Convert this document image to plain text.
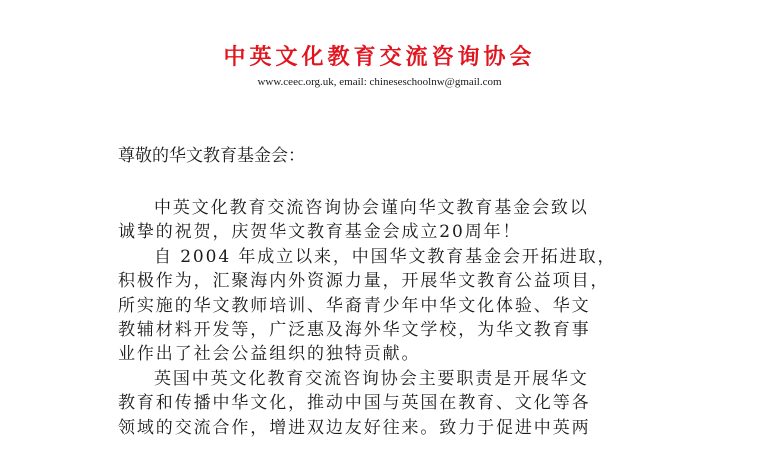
中英文化教育交流咨询协会
www.ceec.org.uk, email: chineseschoolnw@gmail.com
尊敬的华文教育基金会：
中英文化教育交流咨询协会谨向华文教育基金会致以
诚挚的祝贺，庆贺华文教育基金会成立20周年！
自 2004 年成立以来，中国华文教育基金会开拓进取，
积极作为，汇聚海内外资源力量，开展华文教育公益项目，
所实施的华文教师培训、华裔青少年中华文化体验、华文
教辅材料开发等，广泛惠及海外华文学校，为华文教育事
业作出了社会公益组织的独特贡献。
英国中英文化教育交流咨询协会主要职责是开展华文
教育和传播中华文化，推动中国与英国在教育、文化等各
领域的交流合作，增进双边友好往来。致力于促进中英两
